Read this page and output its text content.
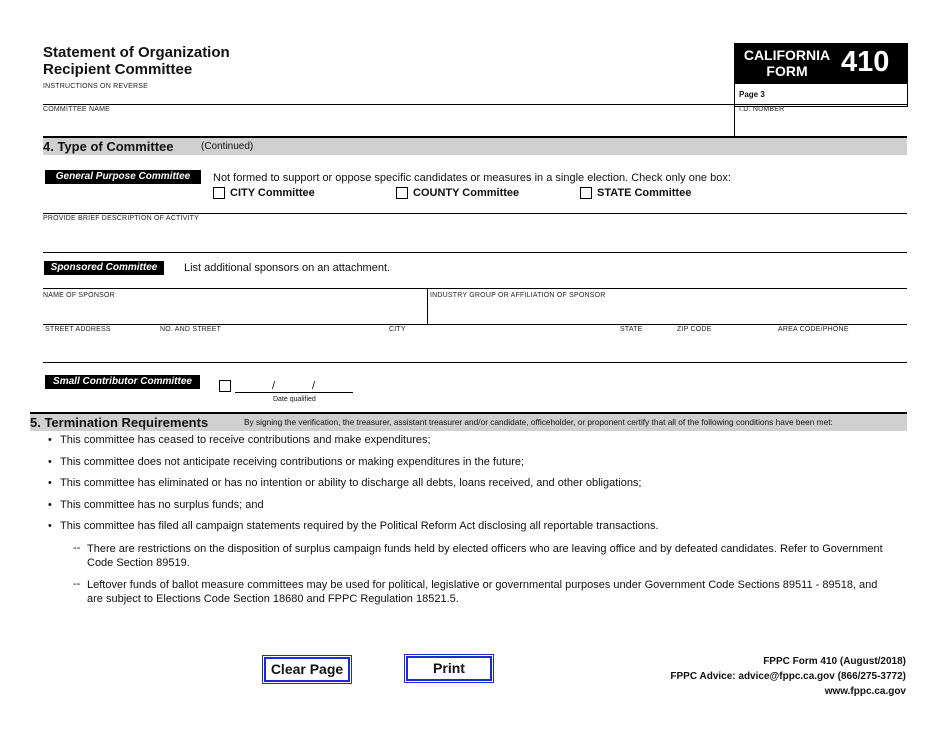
Statement of Organization
Recipient Committee
INSTRUCTIONS ON REVERSE
CALIFORNIA FORM	410
Page 3
COMMITTEE NAME	I.D. NUMBER
4. Type of Committee	(Continued)
General Purpose Committee	Not formed to support or oppose specific candidates or measures in a single election. Check only one box:
CITY Committee	COUNTY Committee	STATE Committee
PROVIDE BRIEF DESCRIPTION OF ACTIVITY
Sponsored Committee	List additional sponsors on an attachment.
NAME OF SPONSOR	INDUSTRY GROUP OR AFFILIATION OF SPONSOR
STREET ADDRESS	NO. AND STREET	CITY	STATE	ZIP CODE	AREA CODE/PHONE
Small Contributor Committee	/	/
Date qualified
5. Termination Requirements	By signing the verification, the treasurer, assistant treasurer and/or candidate, officeholder, or proponent certify that all of the following conditions have been met:
• This committee has ceased to receive contributions and make expenditures;
• This committee does not anticipate receiving contributions or making expenditures in the future;
• This committee has eliminated or has no intention or ability to discharge all debts, loans received, and other obligations;
• This committee has no surplus funds; and
• This committee has filed all campaign statements required by the Political Reform Act disclosing all reportable transactions.
-- There are restrictions on the disposition of surplus campaign funds held by elected officers who are leaving office and by defeated candidates. Refer to Government Code Section 89519.
-- Leftover funds of ballot measure committees may be used for political, legislative or governmental purposes under Government Code Sections 89511 - 89518, and are subject to Elections Code Section 18680 and FPPC Regulation 18521.5.
Clear Page	Print	FPPC Form 410 (August/2018)
FPPC Advice: advice@fppc.ca.gov (866/275-3772)
www.fppc.ca.gov
